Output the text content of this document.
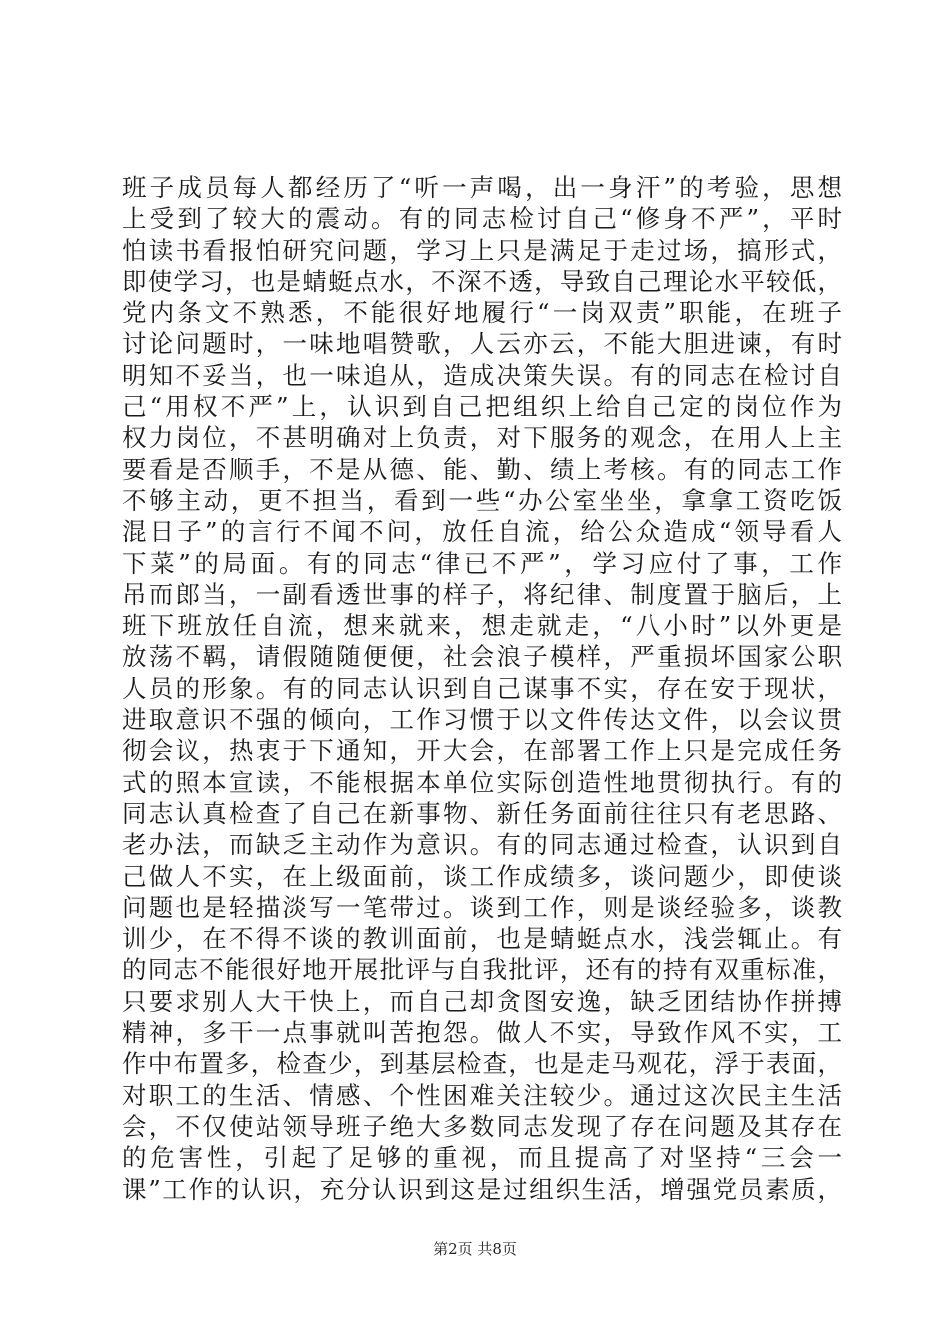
班子成员每人都经历了“听一声喝，出一身汗”的考验，思想
上受到了较大的震动。有的同志检讨自己“修身不严”，平时
怕读书看报怕研究问题，学习上只是满足于走过场，搞形式，
即使学习，也是蜻蜓点水，不深不透，导致自己理论水平较低，
党内条文不熟悉，不能很好地履行“一岗双责”职能，在班子
讨论问题时，一味地唱赞歌，人云亦云，不能大胆进谏，有时
明知不妥当，也一味追从，造成决策失误。有的同志在检讨自
己“用权不严”上，认识到自己把组织上给自己定的岗位作为
权力岗位，不甚明确对上负责，对下服务的观念，在用人上主
要看是否顺手，不是从德、能、勤、绩上考核。有的同志工作
不够主动，更不担当，看到一些“办公室坐坐，拿拿工资吃饭
混日子”的言行不闻不问，放任自流，给公众造成“领导看人
下菜”的局面。有的同志“律已不严”，学习应付了事，工作
吊而郎当，一副看透世事的样子，将纪律、制度置于脑后，上
班下班放任自流，想来就来，想走就走，“八小时”以外更是
放荡不羁，请假随随便便，社会浪子模样，严重损坏国家公职
人员的形象。有的同志认识到自己谋事不实，存在安于现状，
进取意识不强的倾向，工作习惯于以文件传达文件，以会议贯
彻会议，热衷于下通知，开大会，在部署工作上只是完成任务
式的照本宣读，不能根据本单位实际创造性地贯彻执行。有的
同志认真检查了自己在新事物、新任务面前往往只有老思路、
老办法，而缺乏主动作为意识。有的同志通过检查，认识到自
己做人不实，在上级面前，谈工作成绩多，谈问题少，即使谈
问题也是轻描淡写一笔带过。谈到工作，则是谈经验多，谈教
训少，在不得不谈的教训面前，也是蜻蜓点水，浅尝辄止。有
的同志不能很好地开展批评与自我批评，还有的持有双重标准，
只要求别人大干快上，而自己却贪图安逸，缺乏团结协作拼搏
精神，多干一点事就叫苦抱怨。做人不实，导致作风不实，工
作中布置多，检查少，到基层检查，也是走马观花，浮于表面，
对职工的生活、情感、个性困难关注较少。通过这次民主生活
会，不仅使站领导班子绝大多数同志发现了存在问题及其存在
的危害性，引起了足够的重视，而且提高了对坚持“三会一
课”工作的认识，充分认识到这是过组织生活，增强党员素质，
第2页 共8页
